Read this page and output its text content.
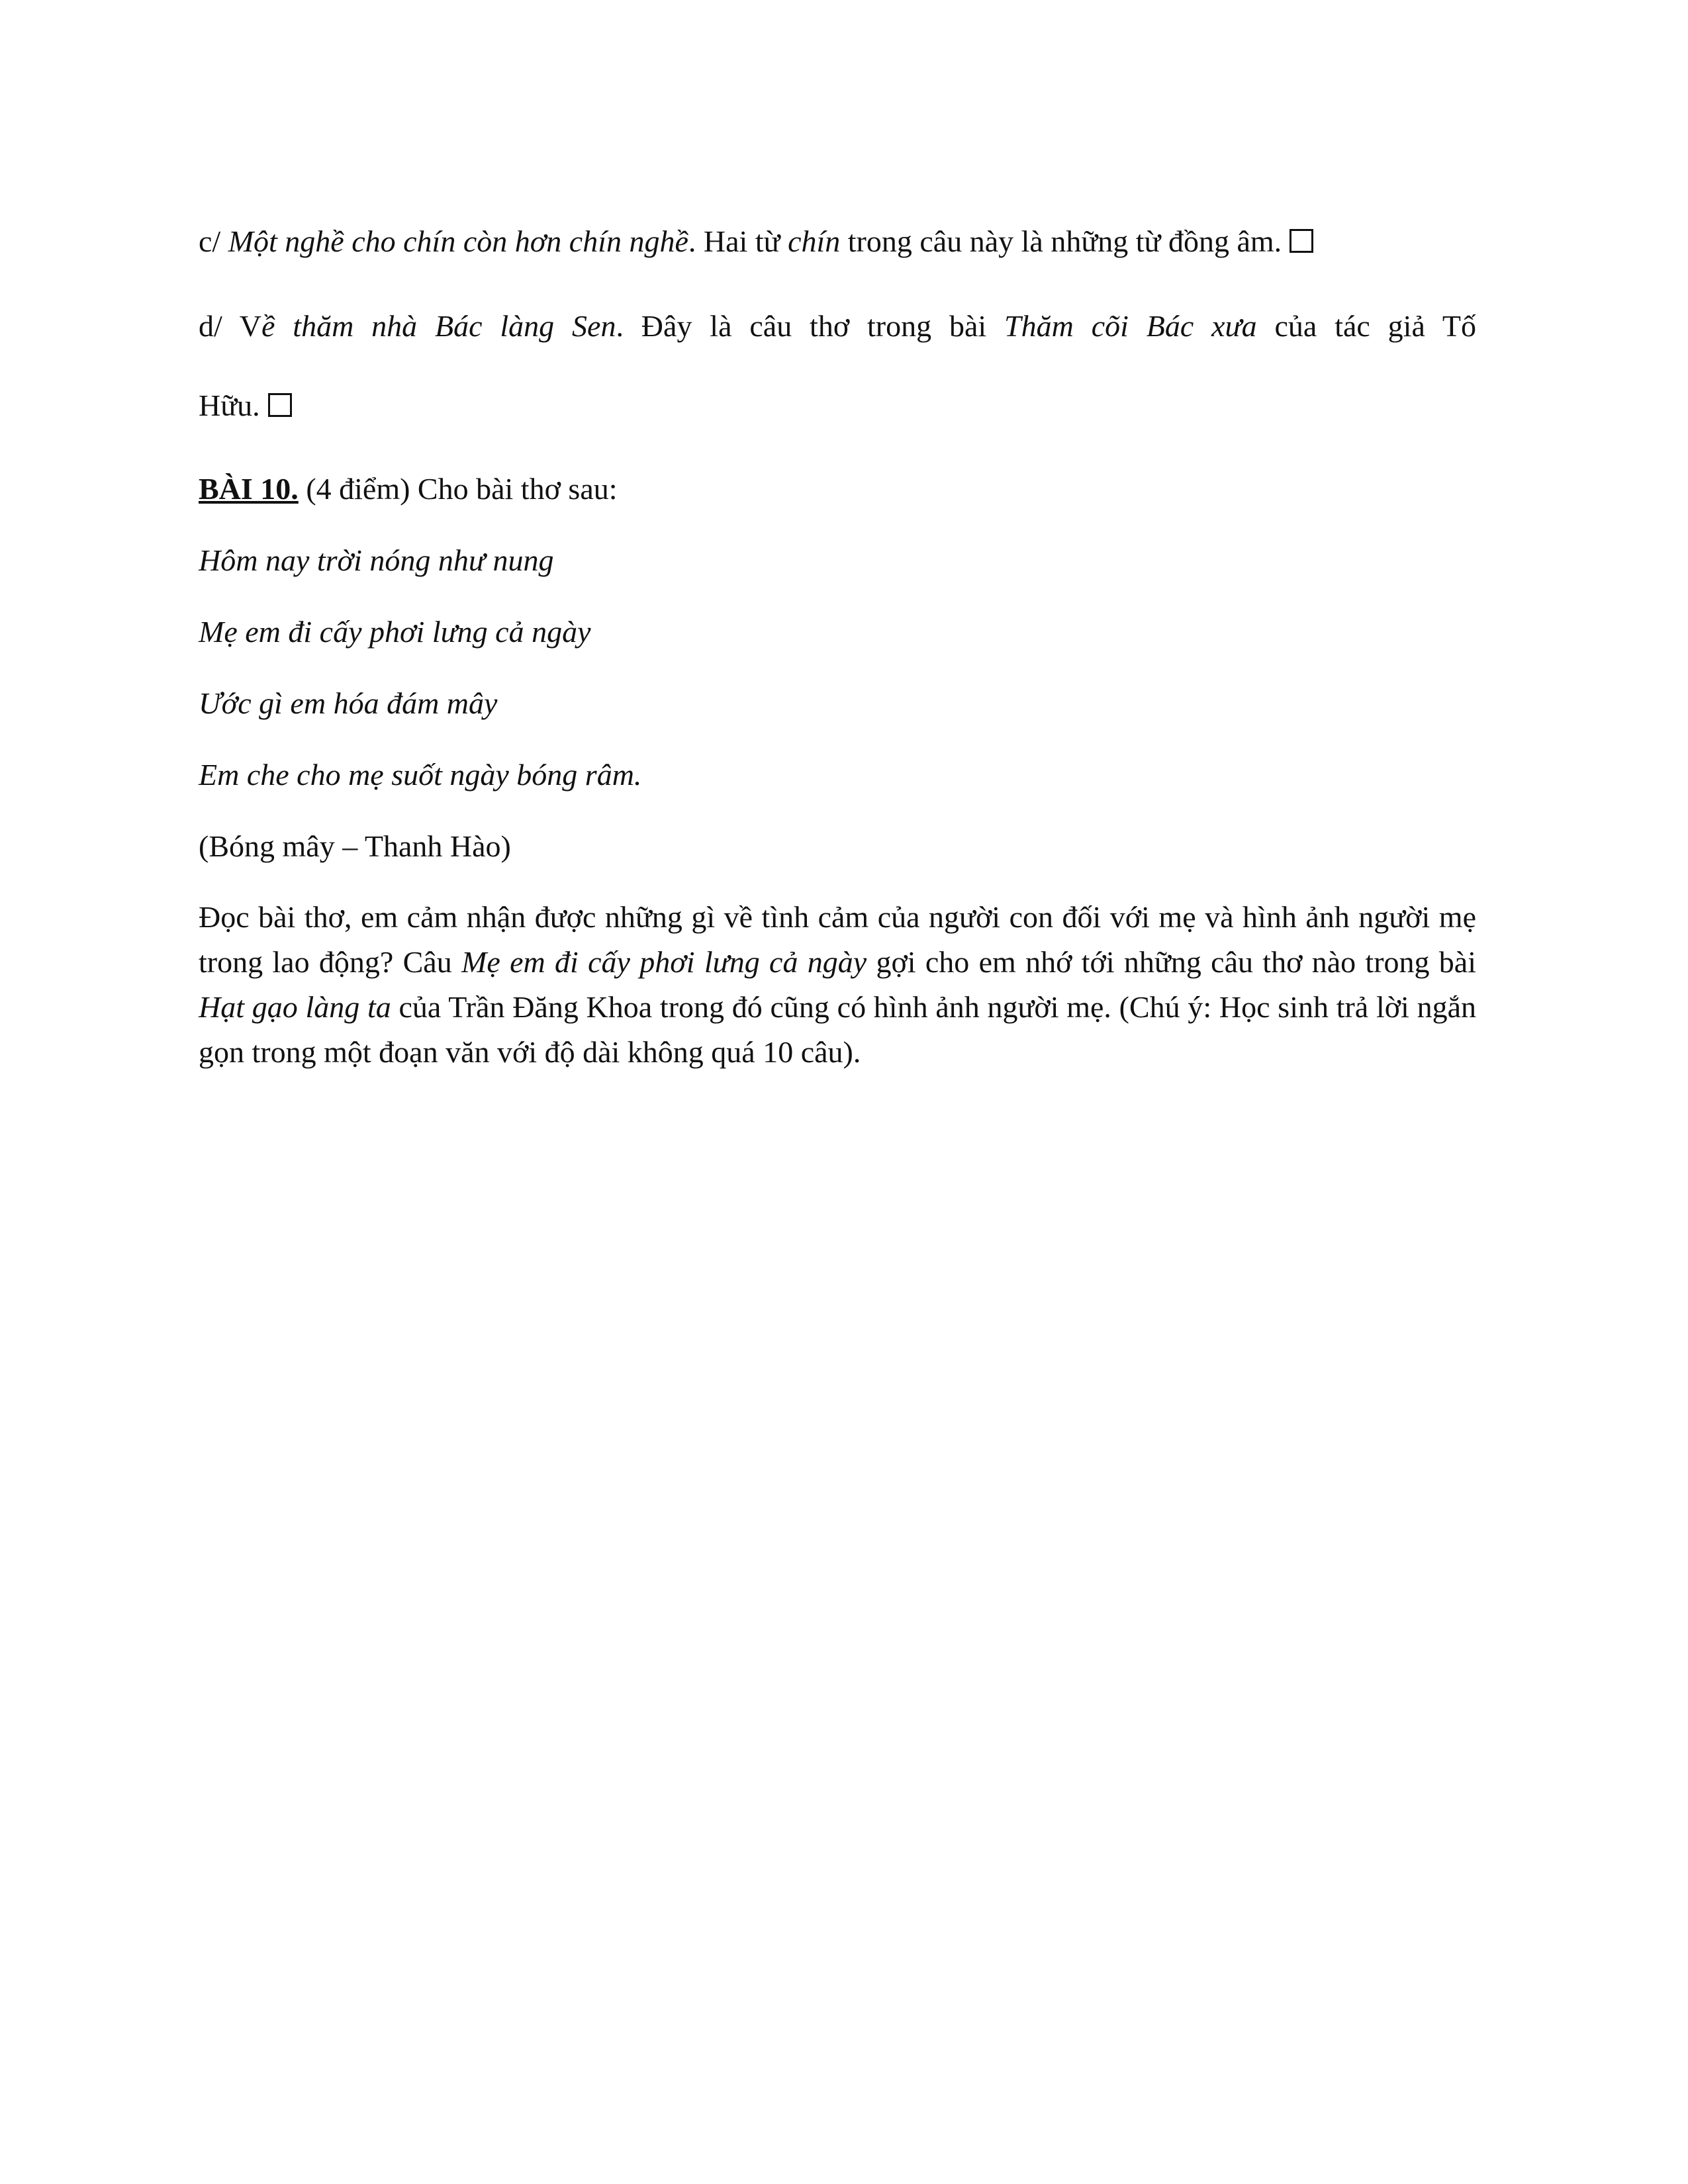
c/ Một nghề cho chín còn hơn chín nghề. Hai từ chín trong câu này là những từ đồng âm.

d/ Về thăm nhà Bác làng Sen. Đây là câu thơ trong bài Thăm cõi Bác xưa của tác giả Tố

Hữu.

BÀI 10. (4 điểm) Cho bài thơ sau:

Hôm nay trời nóng như nung

Mẹ em đi cấy phơi lưng cả ngày

Ước gì em hóa đám mây

Em che cho mẹ suốt ngày bóng râm.

(Bóng mây – Thanh Hào)

Đọc bài thơ, em cảm nhận được những gì về tình cảm của người con đối với mẹ và hình ảnh người mẹ trong lao động? Câu Mẹ em đi cấy phơi lưng cả ngày gợi cho em nhớ tới những câu thơ nào trong bài Hạt gạo làng ta của Trần Đăng Khoa trong đó cũng có hình ảnh người mẹ. (Chú ý: Học sinh trả lời ngắn gọn trong một đoạn văn với độ dài không quá 10 câu).
